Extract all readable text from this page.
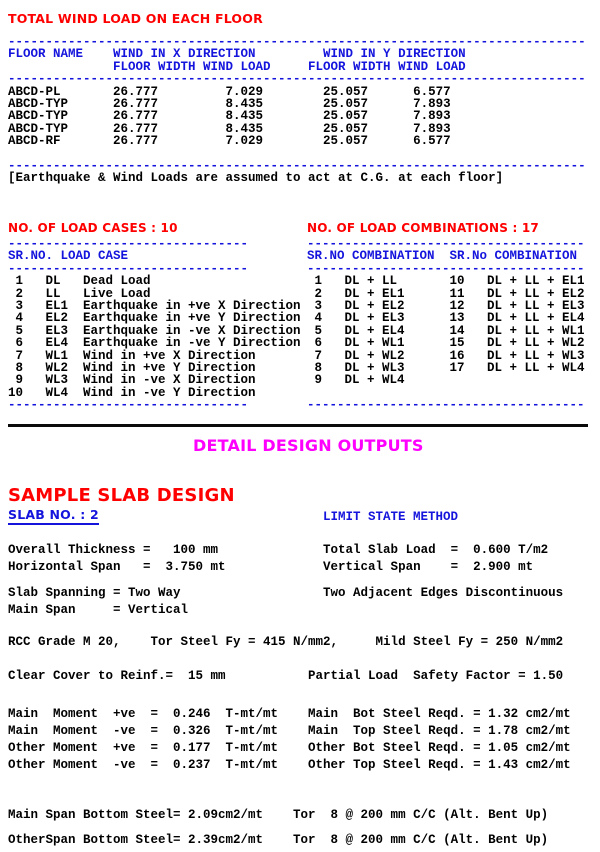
TOTAL WIND LOAD ON EACH FLOOR
-----------------------------------------------------------------------------
FLOOR NAME    WIND IN X DIRECTION         WIND IN Y DIRECTION
FLOOR WIDTH WIND LOAD     FLOOR WIDTH WIND LOAD
-----------------------------------------------------------------------------
ABCD-PL       26.777         7.029        25.057      6.577
ABCD-TYP      26.777         8.435        25.057      7.893
ABCD-TYP      26.777         8.435        25.057      7.893
ABCD-TYP      26.777         8.435        25.057      7.893
ABCD-RF       26.777         7.029        25.057      6.577
-----------------------------------------------------------------------------
[Earthquake & Wind Loads are assumed to act at C.G. at each floor]
NO. OF LOAD CASES : 10	NO. OF LOAD COMBINATIONS : 17
--------------------------------
SR.NO. LOAD CASE
--------------------------------
1   DL   Dead Load
2   LL   Live Load
3   EL1  Earthquake in +ve X Direction
4   EL2  Earthquake in +ve Y Direction
5   EL3  Earthquake in -ve X Direction
6   EL4  Earthquake in -ve Y Direction
7   WL1  Wind in +ve X Direction
8   WL2  Wind in +ve Y Direction
9   WL3  Wind in -ve X Direction
10   WL4  Wind in -ve Y Direction
--------------------------------
-------------------------------------
SR.NO COMBINATION  SR.No COMBINATION
-------------------------------------
1   DL + LL       10   DL + LL + EL1
2   DL + EL1      11   DL + LL + EL2
3   DL + EL2      12   DL + LL + EL3
4   DL + EL3      13   DL + LL + EL4
5   DL + EL4      14   DL + LL + WL1
6   DL + WL1      15   DL + LL + WL2
7   DL + WL2      16   DL + LL + WL3
8   DL + WL3      17   DL + LL + WL4
9   DL + WL4
-------------------------------------
DETAIL DESIGN OUTPUTS
SAMPLE SLAB DESIGN
SLAB NO. : 2	LIMIT STATE METHOD
Overall Thickness =   100 mm              Total Slab Load  =  0.600 T/m2
Horizontal Span   =  3.750 mt             Vertical Span    =  2.900 mt
Slab Spanning = Two Way                   Two Adjacent Edges Discontinuous
Main Span     = Vertical
RCC Grade M 20,    Tor Steel Fy = 415 N/mm2,     Mild Steel Fy = 250 N/mm2
Clear Cover to Reinf.=  15 mm           Partial Load  Safety Factor = 1.50
Main  Moment  +ve  =  0.246  T-mt/mt    Main  Bot Steel Reqd. = 1.32 cm2/mt
Main  Moment  -ve  =  0.326  T-mt/mt    Main  Top Steel Reqd. = 1.78 cm2/mt
Other Moment  +ve  =  0.177  T-mt/mt    Other Bot Steel Reqd. = 1.05 cm2/mt
Other Moment  -ve  =  0.237  T-mt/mt    Other Top Steel Reqd. = 1.43 cm2/mt
Main Span Bottom Steel= 2.09cm2/mt    Tor  8 @ 200 mm C/C (Alt. Bent Up)
OtherSpan Bottom Steel= 2.39cm2/mt    Tor  8 @ 200 mm C/C (Alt. Bent Up)
